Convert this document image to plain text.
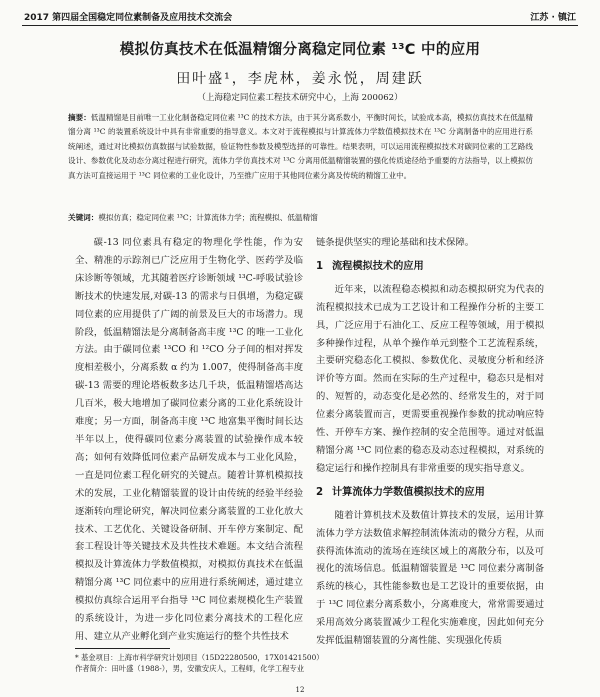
2017 第四届全国稳定同位素制备及应用技术交流会	江苏 · 镇江
模拟仿真技术在低温精馏分离稳定同位素 ¹³C 中的应用
田叶盛¹，李虎林，姜永悦，周建跃
（上海稳定同位素工程技术研究中心，上海 200062）
摘要：低温精馏是目前唯一工业化制备稳定同位素 ¹³C 的技术方法，由于其分离系数小，平衡时间长，试验成本高，模拟仿真技术在低温精馏分离 ¹³C 的装置系统设计中具有非常重要的指导意义。本文对于流程模拟与计算流体力学数值模拟技术在 ¹³C 分离制备中的应用进行系统阐述，通过对比模拟仿真数据与试验数据，验证物性参数及模型选择的可靠性。结果表明，可以运用流程模拟技术对碳同位素的工艺路线设计、参数优化及动态分离过程进行研究，流体力学仿真技术对 ¹³C 分离用低温精馏装置的强化传质途径给予重要的方法指导，以上模拟仿真方法可直接运用于 ¹³C 同位素的工业化设计，乃至推广应用于其他同位素分离及传统的精馏工业中。
关键词：模拟仿真；稳定同位素 ¹³C；计算流体力学；流程模拟、低温精馏

碳-13 同位素具有稳定的物理化学性能，作为安全、精准的示踪剂已广泛应用于生物化学、医药学及临床诊断等领域，尤其随着医疗诊断领域 ¹³C-呼吸试验诊断技术的快速发展,对碳-13 的需求与日俱增，为稳定碳同位素的应用提供了广阔的前景及巨大的市场潜力。现阶段，低温精馏法是分离制备高丰度 ¹³C 的唯一工业化方法。由于碳同位素 ¹³CO 和 ¹²CO 分子间的相对挥发度相差极小，分离系数 α 约为 1.007，使得制备高丰度碳-13 需要的理论塔板数多达几千块，低温精馏塔高达几百米，极大地增加了碳同位素分离的工业化系统设计难度；另一方面，制备高丰度 ¹³C 地富集平衡时间长达半年以上，使得碳同位素分离装置的试验操作成本较高；如何有效降低同位素产品研发成本与工业化风险，一直是同位素工程化研究的关键点。随着计算机模拟技术的发展，工业化精馏装置的设计由传统的经验半经验逐渐转向理论研究，解决同位素分离装置的工业化放大技术、工艺优化、关键设备研制、开车停方案制定、配套工程设计等关键技术及共性技术难题。本文结合流程模拟及计算流体力学数值模拟，对模拟仿真技术在低温精馏分离 ¹³C 同位素中的应用进行系统阐述，通过建立模拟仿真综合运用平台指导 ¹³C 同位素规模化生产装置的系统设计，为进一步化同位素分离技术的工程化应用、建立从产业孵化到产业实施运行的整个共性技术

链条提供坚实的理论基础和技术保障。

1 流程模拟技术的应用

近年来，以流程稳态模拟和动态模拟研究为代表的流程模拟技术已成为工艺设计和工程操作分析的主要工具，广泛应用于石油化工、反应工程等领域，用于模拟多种操作过程，从单个操作单元到整个工艺流程系统，主要研究稳态化工模拟、参数优化、灵敏度分析和经济评价等方面。然而在实际的生产过程中，稳态只是相对的、短暂的，动态变化是必然的、经常发生的，对于同位素分离装置而言，更需要重视操作参数的扰动响应特性、开停车方案、操作控制的安全范围等。通过对低温精馏分离 ¹³C 同位素的稳态及动态过程模拟，对系统的稳定运行和操作控制具有非常重要的现实指导意义。

2 计算流体力学数值模拟技术的应用

随着计算机技术及数值计算技术的发展，运用计算流体力学方法数值求解控制流体流动的微分方程，从而获得流体流动的流场在连续区域上的离散分布，以及可视化的流场信息。低温精馏装置是 ¹³C 同位素分离制备系统的核心，其性能参数也是工艺设计的重要依据，由于 ¹³C 同位素分离系数小，分离难度大，常常需要通过采用高效分离装置减少工程化实施难度，因此如何充分发挥低温精馏装置的分离性能、实现强化传质

* 基金项目：上海市科学研究计划项目（15D22280500，17X01421500）
作者简介：田叶盛（1988-），男，安徽安庆人，工程师，化学工程专业
12
